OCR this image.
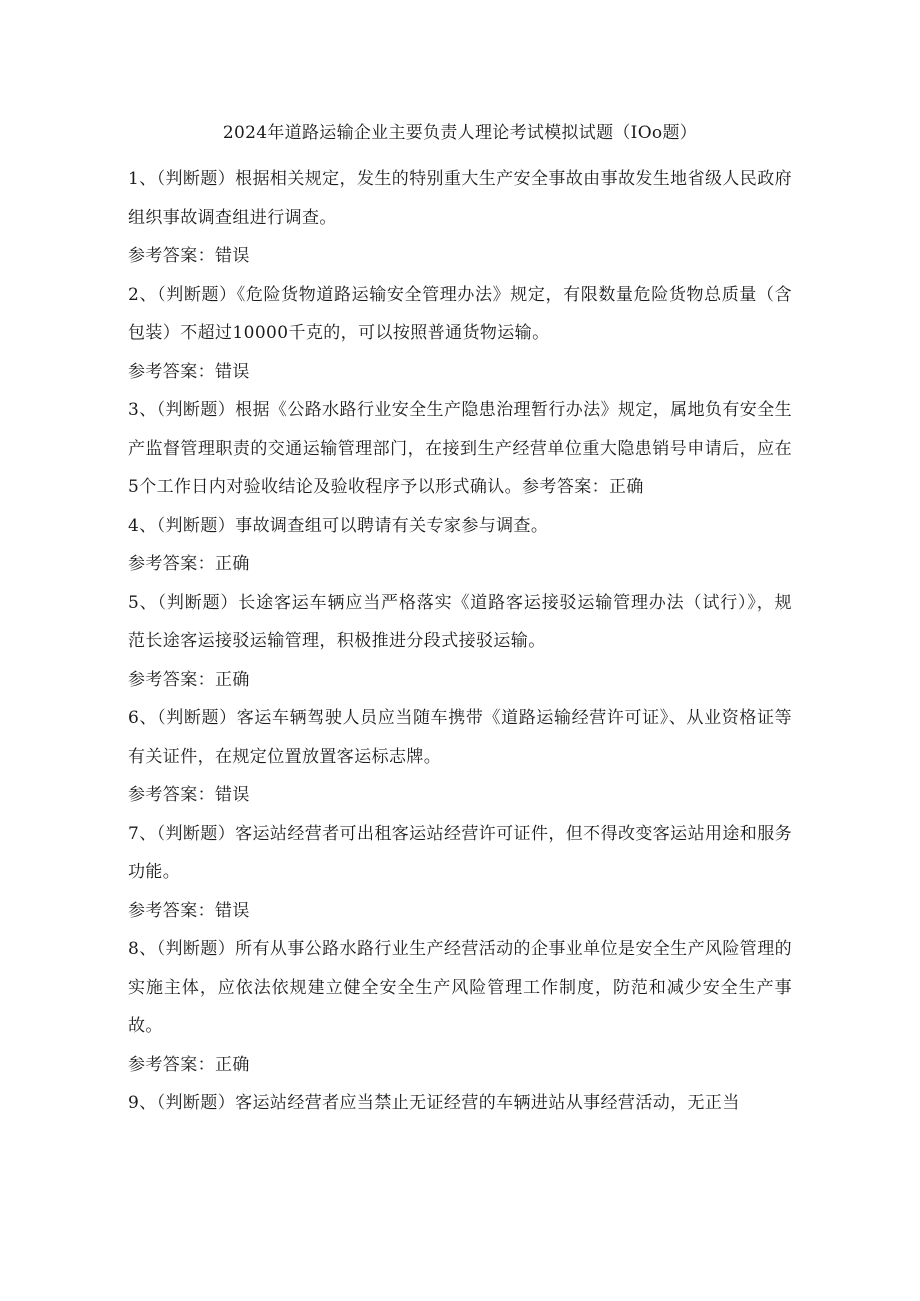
2024年道路运输企业主要负责人理论考试模拟试题（IOo题）

1、（判断题）根据相关规定，发生的特别重大生产安全事故由事故发生地省级人民政府组织事故调查组进行调查。

参考答案：错误

2、（判断题）《危险货物道路运输安全管理办法》规定，有限数量危险货物总质量（含包装）不超过10000千克的，可以按照普通货物运输。

参考答案：错误

3、（判断题）根据《公路水路行业安全生产隐患治理暂行办法》规定，属地负有安全生产监督管理职责的交通运输管理部门，在接到生产经营单位重大隐患销号申请后，应在5个工作日内对验收结论及验收程序予以形式确认。参考答案：正确

4、（判断题）事故调查组可以聘请有关专家参与调查。

参考答案：正确

5、（判断题）长途客运车辆应当严格落实《道路客运接驳运输管理办法（试行）》，规范长途客运接驳运输管理，积极推进分段式接驳运输。

参考答案：正确

6、（判断题）客运车辆驾驶人员应当随车携带《道路运输经营许可证》、从业资格证等有关证件，在规定位置放置客运标志牌。

参考答案：错误

7、（判断题）客运站经营者可出租客运站经营许可证件，但不得改变客运站用途和服务功能。

参考答案：错误

8、（判断题）所有从事公路水路行业生产经营活动的企事业单位是安全生产风险管理的实施主体，应依法依规建立健全安全生产风险管理工作制度，防范和减少安全生产事故。

参考答案：正确

9、（判断题）客运站经营者应当禁止无证经营的车辆进站从事经营活动，无正当
